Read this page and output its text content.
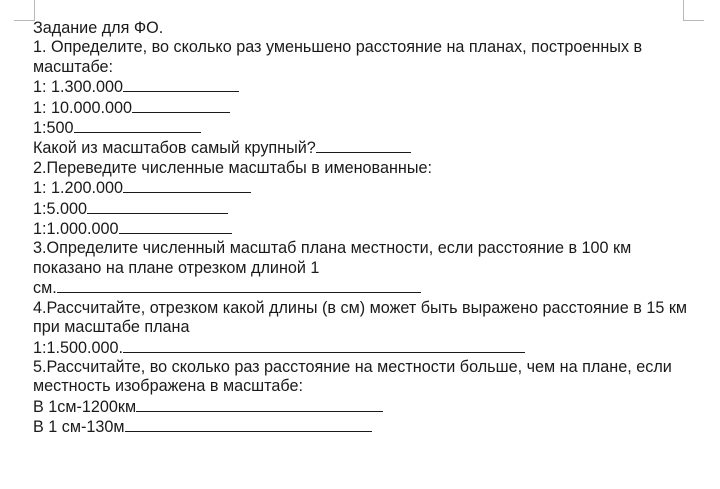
Задание для ФО.
1. Определите, во сколько раз уменьшено расстояние на планах, построенных в масштабе:
1: 1.300.000
1: 10.000.000
1:500
Какой из масштабов самый крупный?
2.Переведите численные масштабы в именованные:
1: 1.200.000
1:5.000
1:1.000.000
3.Определите численный масштаб плана местности, если расстояние в 100 км показано на плане отрезком длиной 1
см.
4.Рассчитайте, отрезком какой длины (в см) может быть выражено расстояние в 15 км при масштабе плана
1:1.500.000.
5.Рассчитайте, во сколько раз расстояние на местности больше, чем на плане, если местность изображена в масштабе:
В 1см-1200км
В 1 см-130м
